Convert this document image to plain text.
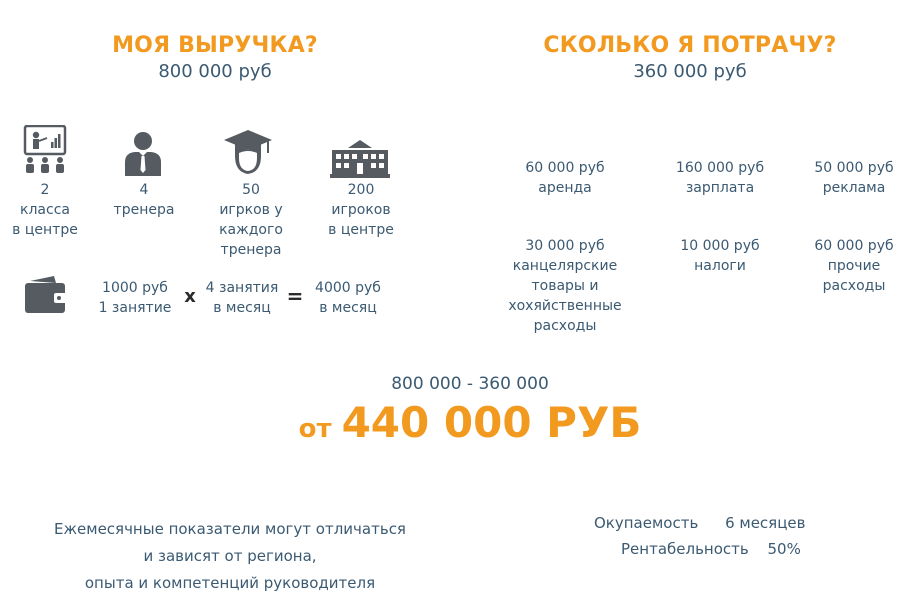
МОЯ ВЫРУЧКА?
800 000 руб
СКОЛЬКО Я ПОТРАЧУ?
360 000 руб
2
класса
в центре
4
тренера
50
игрков у
каждого
тренера
200
игроков
в центре
1000 руб
1 занятие
x 4 занятия
в месяц = 4000 руб
в месяц
60 000 руб
аренда
160 000 руб
зарплата
50 000 руб
реклама
30 000 руб
канцелярские
товары и
хохяйственные
расходы
10 000 руб
налоги
60 000 руб
прочие
расходы
800 000 - 360 000
от 440 000 РУБ
Ежемесячные показатели могут отличаться
и зависят от региона,
опыта и компетенций руководителя
Окупаемость 6 месяцев
Рентабельность 50%
